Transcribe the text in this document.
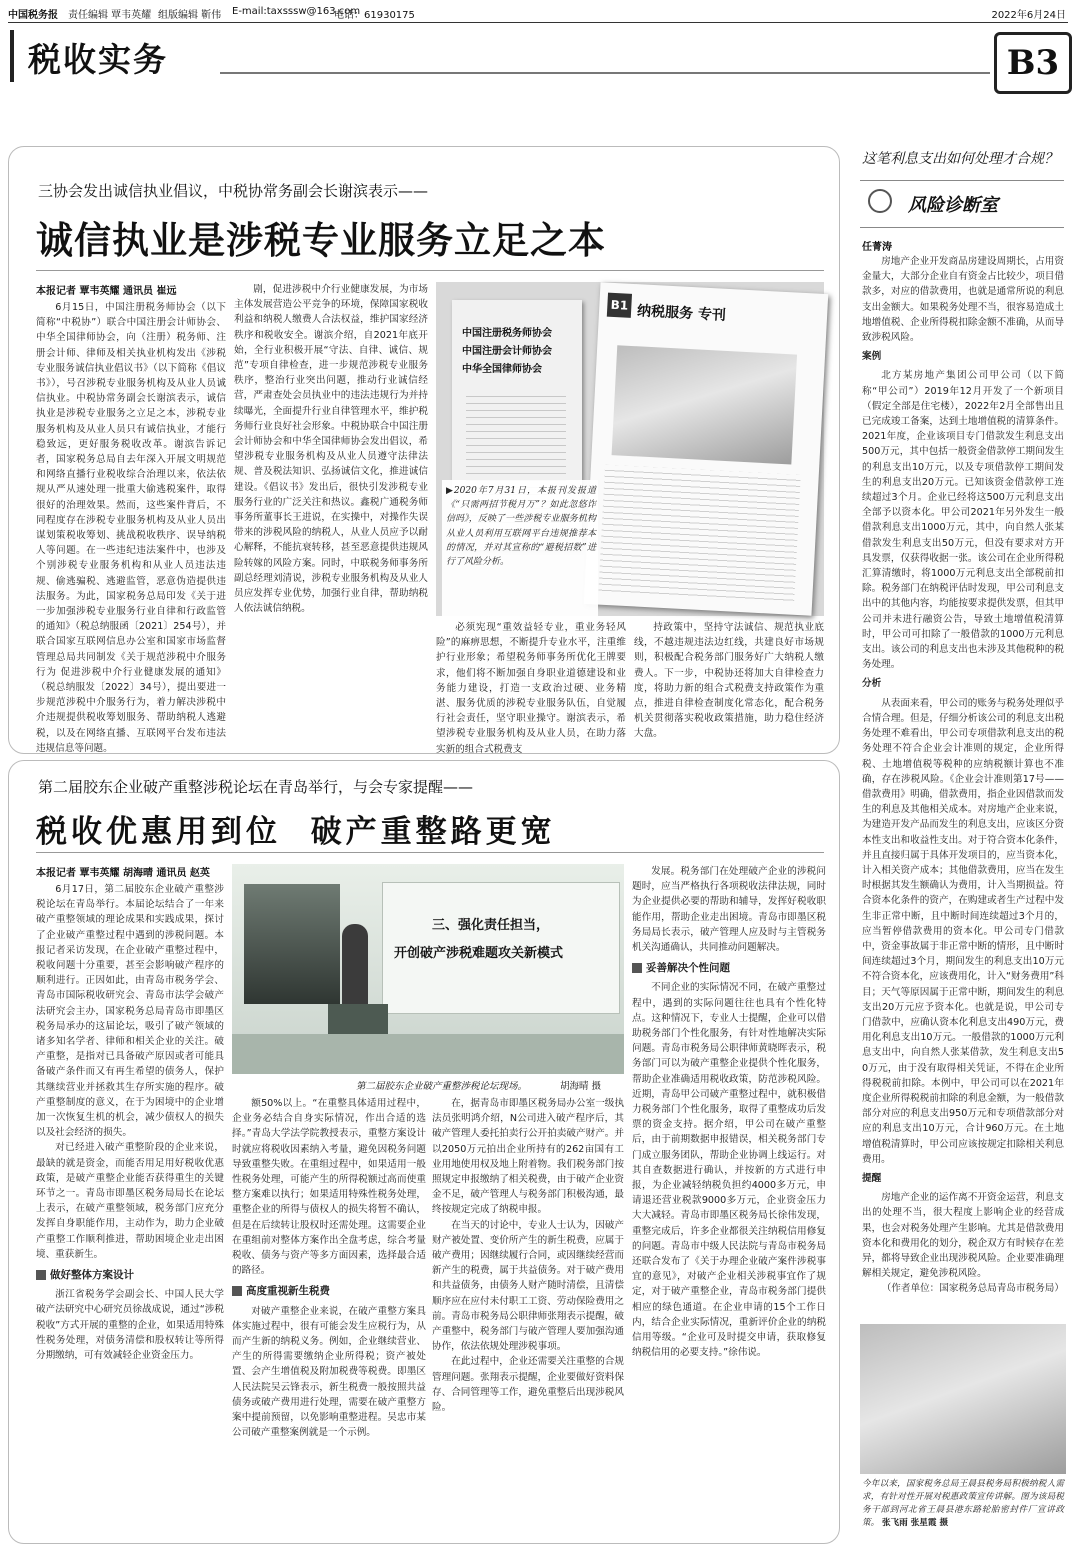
中国税务报 责任编辑 覃韦英耀 组版编辑 靳伟 E-mail:taxsssw@163.com
电话：61930175	2022年6月24日
税收实务	B3
三协会发出诚信执业倡议，中税协常务副会长谢滨表示——
诚信执业是涉税专业服务立足之本
本报记者 覃韦英耀 通讯员 崔远

6月15日，中国注册税务师协会（以下简称“中税协”）联合中国注册会计师协会、中华全国律师协会，向（注册）税务师、注册会计师、律师及相关执业机构发出《涉税专业服务诚信执业倡议书》（以下简称《倡议书》），号召涉税专业服务机构及从业人员诚信执业。中税协常务副会长谢滨表示，诚信执业是涉税专业服务之立足之本，涉税专业服务机构及从业人员只有诚信执业，才能行稳致远，更好服务税收改革。谢滨告诉记者，国家税务总局自去年深入开展文明规范和网络直播行业税收综合治理以来，依法依规从严从速处理一批重大偷逃税案件，取得很好的治理效果。然而，这些案件背后，不同程度存在涉税专业服务机构及从业人员出谋划策税收筹划、挑战税收秩序、误导纳税人等问题。在一些违纪违法案件中，也涉及个别涉税专业服务机构和从业人员违法违规、偷逃骗税、逃避监管，恶意伪造提供违法服务。为此，国家税务总局印发《关于进一步加强涉税专业服务行业自律和行政监管的通知》（税总纳服函〔2021〕254号），并联合国家互联网信息办公室和国家市场监督管理总局共同制发《关于规范涉税中介服务行为 促进涉税中介行业健康发展的通知》（税总纳服发〔2022〕34号），提出要进一步规范涉税中介服务行为，着力解决涉税中介违规提供税收筹划服务、帮助纳税人逃避税，以及在网络直播、互联网平台发布违法违规信息等问题。

剧，促进涉税中介行业健康发展，为市场主体发展营造公平竞争的环境，保障国家税收利益和纳税人缴费人合法权益，维护国家经济秩序和税收安全。谢滨介绍，自2021年底开始，全行业积极开展“守法、自律、诚信、规范”专项自律检查，进一步规范涉税专业服务秩序，整治行业突出问题，推动行业诚信经营，严肃查处会员执业中的违法违规行为并持续曝光，全面提升行业自律管理水平，维护税务师行业良好社会形象。中税协联合中国注册会计师协会和中华全国律师协会发出倡议，希望涉税专业服务机构及从业人员遵守法律法规、普及税法知识、弘扬诚信文化，推进诚信建设。《倡议书》发出后，很快引发涉税专业服务行业的广泛关注和热议。鑫税广通税务师事务所董事长王进说，在实操中，对操作失误带来的涉税风险的纳税人，从业人员应予以耐心解释，不能抗衰转移，甚至恶意提供违规风险转嫁的风险方案。同时，中联税务师事务所副总经理刘清说，涉税专业服务机构及从业人员应发挥专业优势，加强行业自律，帮助纳税人依法诚信纳税。

中国注册税务师协会
中国注册会计师协会
中华全国律师协会
B1 纳税服务 专刊
▶2020年7月31日，本报刊发报道《“只需两招节税月万”？如此忽悠诈信吗》，反映了一些涉税专业服务机构从业人员利用互联网平台违规推荐本的情况，并对其宣称的“避税招数”进行了风险分析。

必须宪现“重效益轻专业，重业务轻风险”的麻痹思想，不断提升专业水平，注重维护行业形象；希望税务师事务所优化王牌要求，他们将不断加强自身职业道德建设和业务能力建设，打造一支政治过硬、业务精湛、服务优质的涉税专业服务队伍，自觉履行社会责任，坚守职业操守。谢滨表示，希望涉税专业服务机构及从业人员，在助力落实新的组合式税费支

持政策中，坚持守法诚信、规范执业底线，不越违规违法边红线，共建良好市场规则，积极配合税务部门服务好广大纳税人缴费人。下一步，中税协还将加大自律检查力度，将助力新的组合式税费支持政策作为重点，推进自律检查制度化常态化，配合税务机关贯彻落实税收政策措施，助力稳住经济大盘。

第二届胶东企业破产重整涉税论坛在青岛举行，与会专家提醒——
税收优惠用到位  破产重整路更宽
本报记者 覃韦英耀 胡海晴 通讯员 赵英

6月17日，第二届胶东企业破产重整涉税论坛在青岛举行。本届论坛结合了一年来破产重整领域的理论成果和实践成果，探讨了企业破产重整过程中遇到的涉税问题。本报记者采访发现，在企业破产重整过程中，税收问题十分重要，甚至会影响破产程序的顺利进行。正因如此，由青岛市税务学会、青岛市国际税收研究会、青岛市法学会破产法研究会主办，国家税务总局青岛市即墨区税务局承办的这届论坛，吸引了破产领域的诸多知名学者、律师和相关企业的关注。破产重整，是指对已具备破产原因或者可能具备破产条件而又有再生希望的债务人，保护其继续营业并拯救其生存所实施的程序。破产重整制度的意义，在于为困境中的企业增加一次恢复生机的机会，减少债权人的损失以及社会经济的损失。

对已经进入破产重整阶段的企业来说，最缺的就是资金，而能否用足用好税收优惠政策，是破产重整企业能否获得重生的关键环节之一。青岛市即墨区税务局局长在论坛上表示，在破产重整领域，税务部门应充分发挥自身职能作用，主动作为，助力企业破产重整工作顺利推进，帮助困境企业走出困境、重获新生。

做好整体方案设计

浙江省税务学会副会长、中国人民大学破产法研究中心研究员徐战成说，通过“涉税税收”方式开展的重整的企业，如果适用特殊性税务处理，对债务清偿和股权转让等所得分期缴纳，可有效减轻企业资金压力。

三、强化责任担当，
开创破产涉税难题攻关新模式
第二届胶东企业破产重整涉税论坛现场。	胡海晴 摄

额50%以上。“在重整具体适用过程中，企业务必结合自身实际情况，作出合适的选择。”青岛大学法学院教授表示，重整方案设计时就应将税收因素纳入考量，避免因税务问题导致重整失败。在重组过程中，如果适用一般性税务处理，可能产生的所得税额过高而使重整方案难以执行；如果适用特殊性税务处理，重整企业的所得与债权人的损失将暂不确认，但是在后续转让股权时还需处理。这需要企业在重组前对整体方案作出全盘考虑，综合考量税收、债务与资产等多方面因素，选择最合适的路径。

高度重视新生税费

对破产重整企业来说，在破产重整方案具体实施过程中，很有可能会发生应税行为，从而产生新的纳税义务。例如，企业继续营业、产生的所得需要缴纳企业所得税；资产被处置、会产生增值税及附加税费等税费。即墨区人民法院吴云锋表示，新生税费一般按照共益债务或破产费用进行处理，需要在破产重整方案中提前预留，以免影响重整进程。吴忠市某公司破产重整案例就是一个示例。

在，据青岛市即墨区税务局办公室一级执法员张明鸿介绍，N公司进入破产程序后，其破产管理人委托拍卖行公开拍卖破产财产。并以2050万元拍出企业所持有的262亩国有工业用地使用权及地上附着物。我们税务部门按照规定申报缴纳了相关税费，由于破产企业资金不足，破产管理人与税务部门积极沟通，最终按规定完成了纳税申报。

在当天的讨论中，专业人士认为，因破产财产被处置、变价所产生的新生税费，应属于破产费用；因继续履行合同，或因继续经营而新产生的税费，属于共益债务。对于破产费用和共益债务，由债务人财产随时清偿，且清偿顺序应在应付未付职工工资、劳动保险费用之前。青岛市税务局公职律师张翔表示提醒，破产重整中，税务部门与破产管理人要加强沟通协作，依法依规处理涉税事项。

在此过程中，企业还需要关注重整的合规管理问题。张翔表示提醒，企业要做好资料保存、合同管理等工作，避免重整后出现涉税风险。

发展。税务部门在处理破产企业的涉税问题时，应当严格执行各项税收法律法规，同时为企业提供必要的帮助和辅导，发挥好税收职能作用，帮助企业走出困境。青岛市即墨区税务局局长表示，破产管理人应及时与主管税务机关沟通确认，共同推动问题解决。

妥善解决个性问题

不同企业的实际情况不同，在破产重整过程中，遇到的实际问题往往也具有个性化特点。这种情况下，专业人士提醒，企业可以借助税务部门个性化服务，有针对性地解决实际问题。青岛市税务局公职律师黄晓晖表示，税务部门可以为破产重整企业提供个性化服务，帮助企业准确适用税收政策，防范涉税风险。近期，青岛甲公司破产重整过程中，就积极借力税务部门个性化服务，取得了重整成功后发票的资金支持。据介绍，甲公司在破产重整后，由于前期数据申报错误，相关税务部门专门成立服务团队，帮助企业协调上线运行。对其自查数据进行确认，并按新的方式进行申报，为企业减轻纳税负担约4000多万元，申请退还营业税款9000多万元，企业资金压力大大减轻。青岛市即墨区税务局长徐伟发现，重整完成后，许多企业都很关注纳税信用修复的问题。青岛市中级人民法院与青岛市税务局还联合发布了《关于办理企业破产案件涉税事宜的意见》，对破产企业相关涉税事宜作了规定，对于破产重整企业，青岛市税务部门提供相应的绿色通道。在企业申请的15个工作日内，结合企业实际情况，重新评价企业的纳税信用等级。“企业可及时提交申请，获取修复纳税信用的必要支持。”徐伟说。

这笔利息支出如何处理才合规？
风险诊断室
任菁涛

房地产企业开发商品房建设周期长，占用资金量大，大部分企业自有资金占比较少，项目借款多，对应的借款费用，也就是通常所说的利息支出金额大。如果税务处理不当，很容易造成土地增值税、企业所得税扣除金额不准确，从而导致涉税风险。

案例

北方某房地产集团公司甲公司（以下简称“甲公司”）2019年12月开发了一个新项目（假定全部是住宅楼），2022年2月全部售出且已完成竣工备案，达到土地增值税的清算条件。2021年度，企业该项目专门借款发生利息支出500万元，其中包括一般资金借款停工期间发生的利息支出10万元，以及专项借款停工期间发生的利息支出20万元。已知该资金借款停工连续超过3个月。企业已经将这500万元利息支出全部予以资本化。甲公司2021年另外发生一般借款利息支出1000万元，其中，向自然人张某借款发生利息支出50万元，但没有要求对方开具发票，仅获得收据一张。该公司在企业所得税汇算清缴时，将1000万元利息支出全部税前扣除。税务部门在纳税评估时发现，甲公司利息支出中的其他内容，均能按要求提供发票，但其甲公司并未进行融资公告，导致土地增值税清算时，甲公司可扣除了一般借款的1000万元利息支出。该公司的利息支出也未涉及其他税种的税务处理。

分析

从表面来看，甲公司的账务与税务处理似乎合情合理。但是，仔细分析该公司的利息支出税务处理不难看出，甲公司专项借款利息支出的税务处理不符合企业会计准则的规定，企业所得税、土地增值税等税种的应纳税额计算也不准确，存在涉税风险。《企业会计准则第17号——借款费用》明确，借款费用，指企业因借款而发生的利息及其他相关成本。对房地产企业来说，为建造开发产品而发生的利息支出，应该区分资本性支出和收益性支出。对于符合资本化条件，并且直接归属于具体开发项目的，应当资本化，计入相关资产成本；其他借款费用，应当在发生时根据其发生额确认为费用，计入当期损益。符合资本化条件的资产，在购建或者生产过程中发生非正常中断，且中断时间连续超过3个月的，应当暂停借款费用的资本化。甲公司专门借款中，资金事故属于非正常中断的情形，且中断时间连续超过3个月，期间发生的利息支出10万元不符合资本化，应该费用化，计入“财务费用”科目；天气等原因属于正常中断，期间发生的利息支出20万元应予资本化。也就是说，甲公司专门借款中，应确认资本化利息支出490万元，费用化利息支出10万元。一般借款的1000万元利息支出中，向自然人张某借款，发生利息支出50万元，由于没有取得相关凭证，不得在企业所得税税前扣除。本例中，甲公司可以在2021年度企业所得税税前扣除的利息金额，为一般借款部分对应的利息支出950万元和专项借款部分对应的利息支出10万元，合计960万元。在土地增值税清算时，甲公司应该按规定扣除相关利息费用。

提醒

房地产企业的运作离不开资金运营，利息支出的处理不当，很大程度上影响企业的经营成果，也会对税务处理产生影响。尤其是借款费用资本化和费用化的划分，税企双方有时候存在差异，都将导致企业出现涉税风险。企业要准确理解相关规定，避免涉税风险。

（作者单位：国家税务总局青岛市税务局）
今年以来，国家税务总局王晨县税务局积极纳税人需求，有针对性开展对税惠政策宣传讲解。图为该局税务干部到河北省王晨县港东路轮胎密封件厂宣讲政策。 张飞雨 张星霞 摄
